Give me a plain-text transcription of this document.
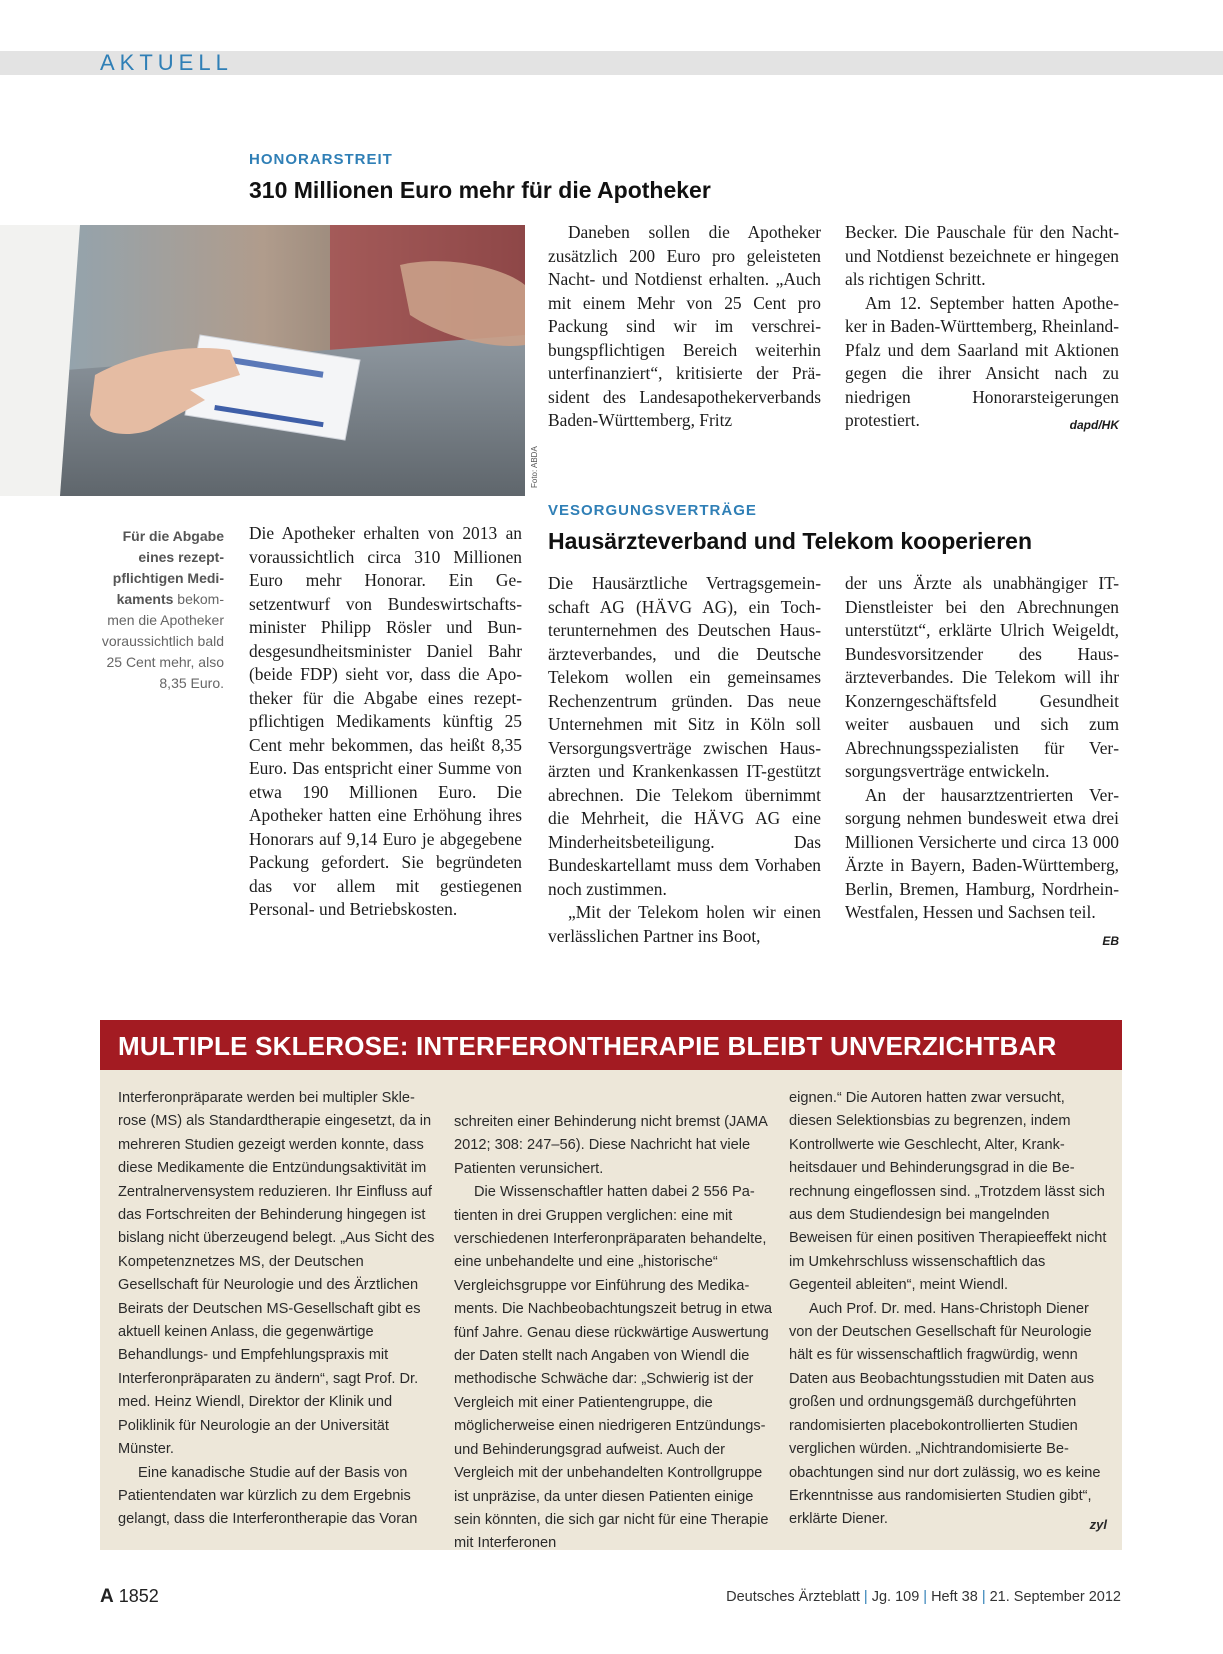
AKTUELL
HONORARSTREIT
310 Millionen Euro mehr für die Apotheker
Foto: ABDA
Für die Abgabe eines rezeptpflichtigen Medikaments bekommen die Apotheker voraussichtlich bald 25 Cent mehr, also 8,35 Euro.

Die Apotheker erhalten von 2013 an voraussichtlich circa 310 Millionen Euro mehr Honorar. Ein Gesetzentwurf von Bundeswirtschaftsminister Philipp Rösler und Bundesgesundheitsminister Daniel Bahr (beide FDP) sieht vor, dass die Apotheker für die Abgabe eines rezeptpflichtigen Medikaments künftig 25 Cent mehr bekommen, das heißt 8,35 Euro. Das entspricht einer Summe von etwa 190 Millionen Euro. Die Apotheker hatten eine Erhöhung ihres Honorars auf 9,14 Euro je abgegebene Packung gefordert. Sie begründeten das vor allem mit gestiegenen Personal- und Betriebskosten.

Daneben sollen die Apotheker zusätzlich 200 Euro pro geleisteten Nacht- und Notdienst erhalten. „Auch mit einem Mehr von 25 Cent pro Packung sind wir im verschreibungspflichtigen Bereich weiterhin unterfinanziert“, kritisierte der Präsident des Landesapothekerverbands Baden-Württemberg, Fritz

Becker. Die Pauschale für den Nacht- und Notdienst bezeichnete er hingegen als richtigen Schritt.

Am 12. September hatten Apotheker in Baden-Württemberg, Rheinland-Pfalz und dem Saarland mit Aktionen gegen die ihrer Ansicht nach zu niedrigen Honorarsteigerungen protestiert.	dapd/HK

VESORGUNGSVERTRÄGE
Hausärzteverband und Telekom kooperieren

Die Hausärztliche Vertragsgemeinschaft AG (HÄVG AG), ein Tochterunternehmen des Deutschen Hausärzteverbandes, und die Deutsche Telekom wollen ein gemeinsames Rechenzentrum gründen. Das neue Unternehmen mit Sitz in Köln soll Versorgungsverträge zwischen Hausärzten und Krankenkassen IT-gestützt abrechnen. Die Telekom übernimmt die Mehrheit, die HÄVG AG eine Minderheitsbeteiligung. Das Bundeskartellamt muss dem Vorhaben noch zustimmen.

„Mit der Telekom holen wir einen verlässlichen Partner ins Boot,

der uns Ärzte als unabhängiger IT-Dienstleister bei den Abrechnungen unterstützt“, erklärte Ulrich Weigeldt, Bundesvorsitzender des Hausärzteverbandes. Die Telekom will ihr Konzerngeschäftsfeld Gesundheit weiter ausbauen und sich zum Abrechnungsspezialisten für Versorgungsverträge entwickeln.

An der hausarztzentrierten Versorgung nehmen bundesweit etwa drei Millionen Versicherte und circa 13 000 Ärzte in Bayern, Baden-Württemberg, Berlin, Bremen, Hamburg, Nordrhein-Westfalen, Hessen und Sachsen teil.
EB

MULTIPLE SKLEROSE: INTERFERONTHERAPIE BLEIBT UNVERZICHTBAR

Interferonpräparate werden bei multipler Sklerose (MS) als Standardtherapie eingesetzt, da in mehreren Studien gezeigt werden konnte, dass diese Medikamente die Entzündungsaktivität im Zentralnervensystem reduzieren. Ihr Einfluss auf das Fortschreiten der Behinderung hingegen ist bislang nicht überzeugend belegt. „Aus Sicht des Kompetenznetzes MS, der Deutschen Gesellschaft für Neurologie und des Ärztlichen Beirats der Deutschen MS-Gesellschaft gibt es aktuell keinen Anlass, die gegenwärtige Behandlungs- und Empfehlungspraxis mit Interferonpräparaten zu ändern“, sagt Prof. Dr. med. Heinz Wiendl, Direktor der Klinik und Poliklinik für Neurologie an der Universität Münster.

Eine kanadische Studie auf der Basis von Patientendaten war kürzlich zu dem Ergebnis gelangt, dass die Interferontherapie das Voran

schreiten einer Behinderung nicht bremst (JAMA 2012; 308: 247–56). Diese Nachricht hat viele Patienten verunsichert.

Die Wissenschaftler hatten dabei 2 556 Patienten in drei Gruppen verglichen: eine mit verschiedenen Interferonpräparaten behandelte, eine unbehandelte und eine „historische“ Vergleichsgruppe vor Einführung des Medikaments. Die Nachbeobachtungszeit betrug in etwa fünf Jahre. Genau diese rückwärtige Auswertung der Daten stellt nach Angaben von Wiendl die methodische Schwäche dar: „Schwierig ist der Vergleich mit einer Patientengruppe, die möglicherweise einen niedrigeren Entzündungs- und Behinderungsgrad aufweist. Auch der Vergleich mit der unbehandelten Kontrollgruppe ist unpräzise, da unter diesen Patienten einige sein könnten, die sich gar nicht für eine Therapie mit Interferonen

eignen.“ Die Autoren hatten zwar versucht, diesen Selektionsbias zu begrenzen, indem Kontrollwerte wie Geschlecht, Alter, Krankheitsdauer und Behinderungsgrad in die Berechnung eingeflossen sind. „Trotzdem lässt sich aus dem Studiendesign bei mangelnden Beweisen für einen positiven Therapieeffekt nicht im Umkehrschluss wissenschaftlich das Gegenteil ableiten“, meint Wiendl.

Auch Prof. Dr. med. Hans-Christoph Diener von der Deutschen Gesellschaft für Neurologie hält es für wissenschaftlich fragwürdig, wenn Daten aus Beobachtungsstudien mit Daten aus großen und ordnungsgemäß durchgeführten randomisierten placebokontrollierten Studien verglichen würden. „Nichtrandomisierte Beobachtungen sind nur dort zulässig, wo es keine Erkenntnisse aus randomisierten Studien gibt“, erklärte Diener.	zyl

A 1852	Deutsches Ärzteblatt | Jg. 109 | Heft 38 | 21. September 2012
